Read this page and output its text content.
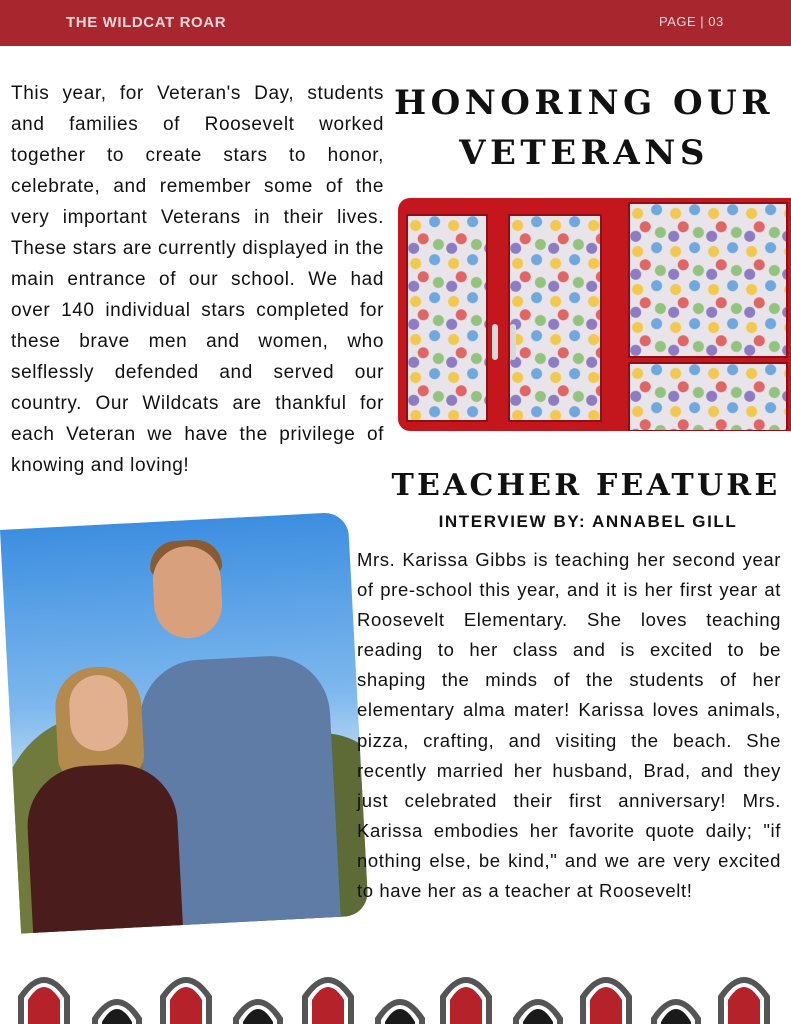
THE WILDCAT ROAR	PAGE | 03

This year, for Veteran's Day, students and families of Roosevelt worked together to create stars to honor, celebrate, and remember some of the very important Veterans in their lives. These stars are currently displayed in the main entrance of our school. We had over 140 individual stars completed for these brave men and women, who selflessly defended and served our country. Our Wildcats are thankful for each Veteran we have the privilege of knowing and loving!

HONORING OUR
VETERANS
TEACHER FEATURE
INTERVIEW BY: ANNABEL GILL

Mrs. Karissa Gibbs is teaching her second year of pre-school this year, and it is her first year at Roosevelt Elementary. She loves teaching reading to her class and is excited to be shaping the minds of the students of her elementary alma mater! Karissa loves animals, pizza, crafting, and visiting the beach. She recently married her husband, Brad, and they just celebrated their first anniversary! Mrs. Karissa embodies her favorite quote daily; "if nothing else, be kind," and we are very excited to have her as a teacher at Roosevelt!
